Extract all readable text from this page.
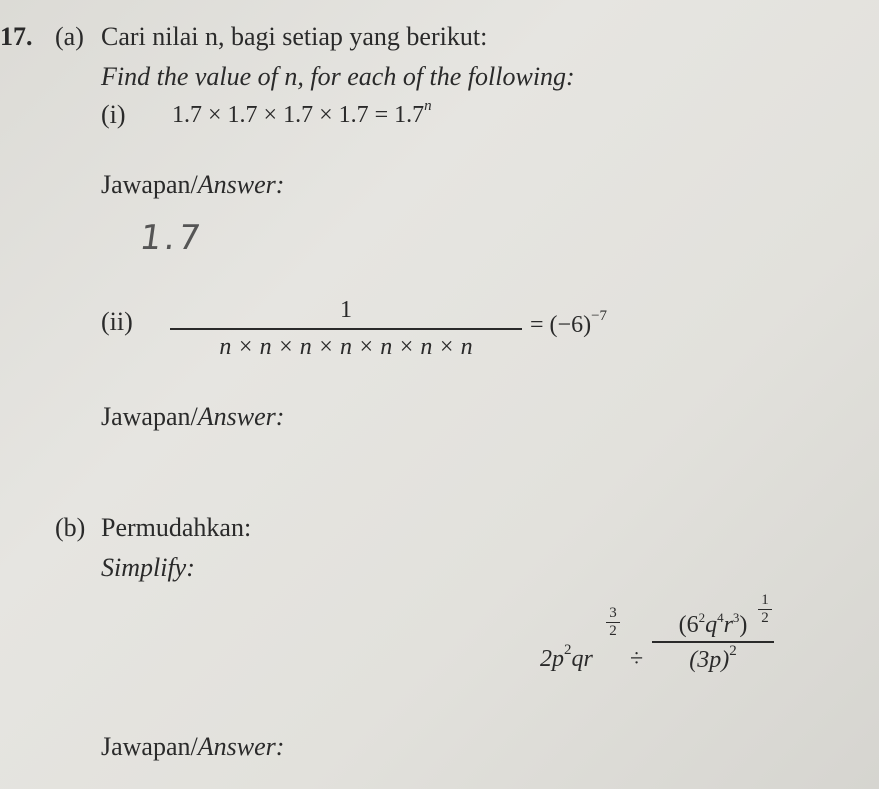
17. (a) Cari nilai n, bagi setiap yang berikut:
Find the value of n, for each of the following:
(i) $1.7 \times 1.7 \times 1.7 \times 1.7 = 1.7^n$
Jawapan/Answer:
1.7
(ii)	1
n × n × n × n × n × n × n
= $(-6)^{-7}$
Jawapan/Answer:
(b) Permudahkan:
Simplify:
$2p^2qr$
3
2
÷
$(6^2q^4r^3)$
$(3p)^2$
1
2
Jawapan/Answer:
